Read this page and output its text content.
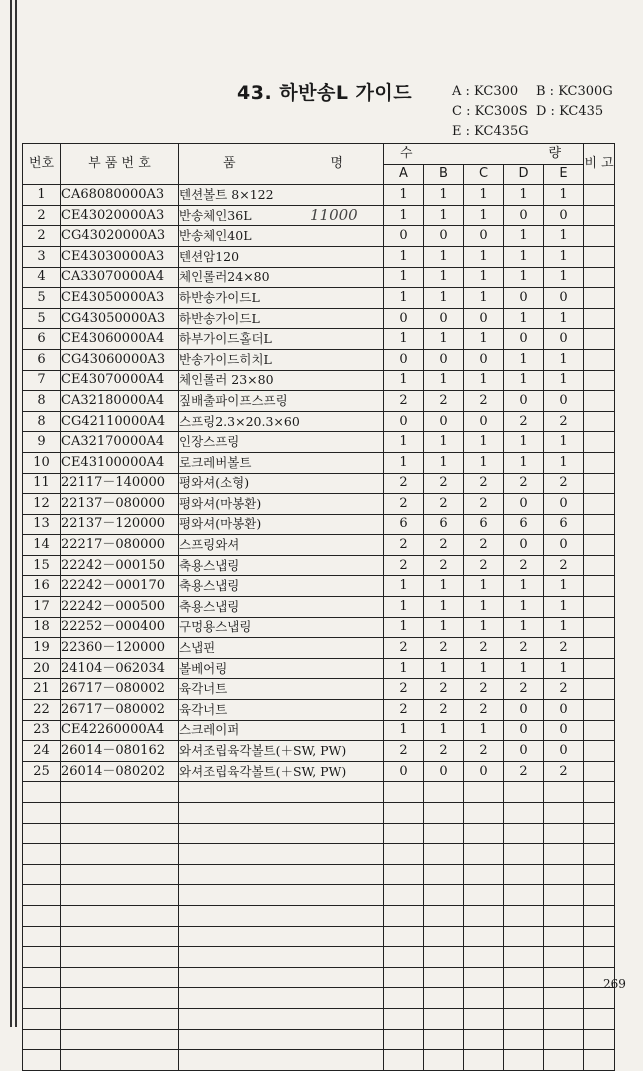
43. 하반송L 가이드	A : KC300 B : KC300G
C : KC300S D : KC435
E : KC435G
번호	부 품 번 호	품 명	수 량					비 고
			A	B	C	D	E	
1	CA68080000A3	텐션볼트 8×122	1	1	1	1	1	
2	CE43020000A3	반송체인36L	1	1	1	0	0	
2	CG43020000A3	반송체인40L	0	0	0	1	1	
3	CE43030000A3	텐션암120	1	1	1	1	1	
4	CA33070000A4	체인롤러24×80	1	1	1	1	1	
5	CE43050000A3	하반송가이드L	1	1	1	0	0	
5	CG43050000A3	하반송가이드L	0	0	0	1	1	
6	CE43060000A4	하부가이드홀더L	1	1	1	0	0	
6	CG43060000A3	반송가이드히치L	0	0	0	1	1	
7	CE43070000A4	체인롤러 23×80	1	1	1	1	1	
8	CA32180000A4	짚배출파이프스프링	2	2	2	0	0	
8	CG42110000A4	스프링2.3×20.3×60	0	0	0	2	2	
9	CA32170000A4	인장스프링	1	1	1	1	1	
10	CE43100000A4	로크레버볼트	1	1	1	1	1	
11	22117－140000	평와셔(소형)	2	2	2	2	2	
12	22137－080000	평와셔(마봉환)	2	2	2	0	0	
13	22137－120000	평와셔(마봉환)	6	6	6	6	6	
14	22217－080000	스프링와셔	2	2	2	0	0	
15	22242－000150	축용스냅링	2	2	2	2	2	
16	22242－000170	축용스냅링	1	1	1	1	1	
17	22242－000500	축용스냅링	1	1	1	1	1	
18	22252－000400	구멍용스냅링	1	1	1	1	1	
19	22360－120000	스냅핀	2	2	2	2	2	
20	24104－062034	볼베어링	1	1	1	1	1	
21	26717－080002	육각너트	2	2	2	2	2	
22	26717－080002	육각너트	2	2	2	0	0	
23	CE42260000A4	스크레이퍼	1	1	1	0	0	
24	26014－080162	와셔조립육각볼트(＋SW, PW)	2	2	2	0	0	
25	26014－080202	와셔조립육각볼트(＋SW, PW)	0	0	0	2	2	

11000
269
